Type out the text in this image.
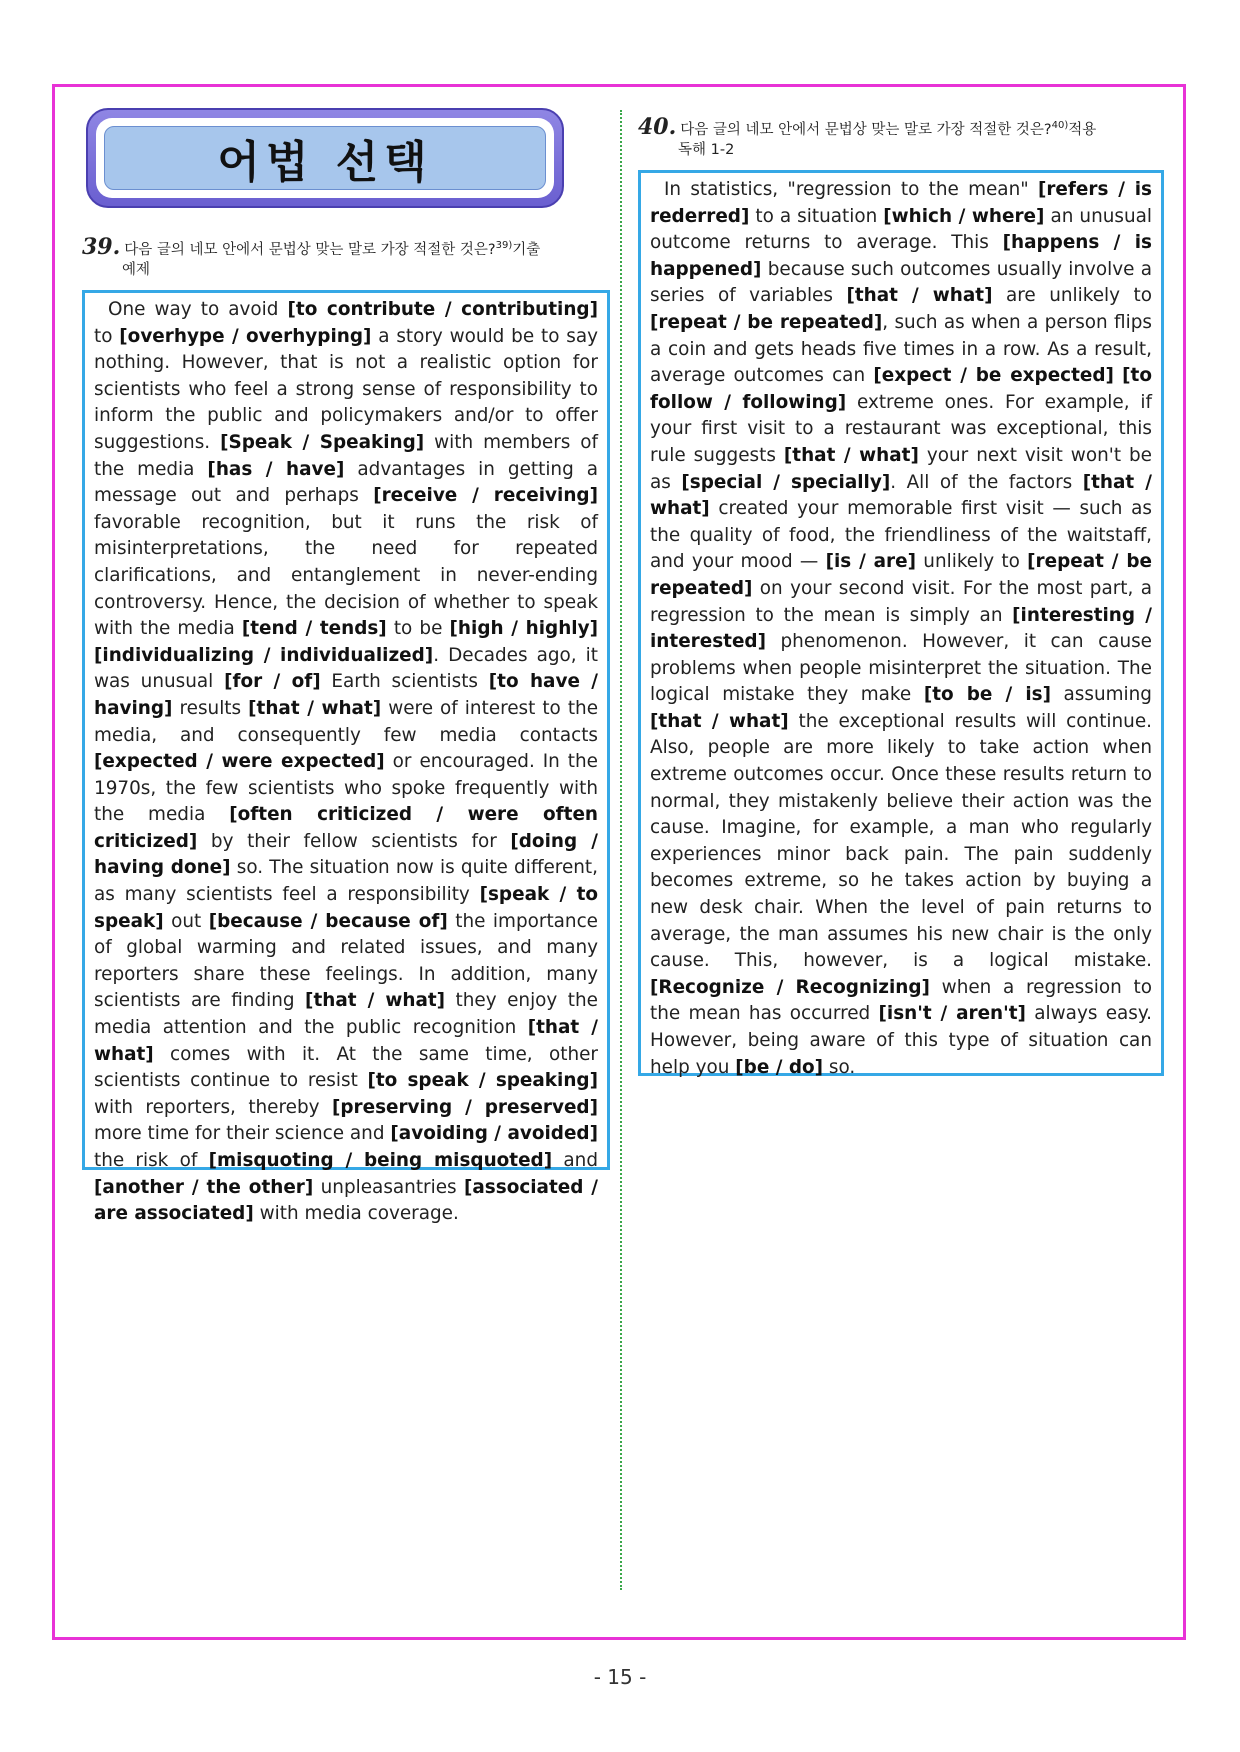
어법 선택
39. 다음 글의 네모 안에서 문법상 맞는 말로 가장 적절한 것은?$^{39)}$기출
예제
One way to avoid [to contribute / contributing] to [overhype / overhyping] a story would be to say nothing. However, that is not a realistic option for scientists who feel a strong sense of responsibility to inform the public and policymakers and/or to offer suggestions. [Speak / Speaking] with members of the media [has / have] advantages in getting a message out and perhaps [receive / receiving] favorable recognition, but it runs the risk of misinterpretations, the need for repeated clarifications, and entanglement in never-ending controversy. Hence, the decision of whether to speak with the media [tend / tends] to be [high / highly] [individualizing / individualized]. Decades ago, it was unusual [for / of] Earth scientists [to have / having] results [that / what] were of interest to the media, and consequently few media contacts [expected / were expected] or encouraged. In the 1970s, the few scientists who spoke frequently with the media [often criticized / were often criticized] by their fellow scientists for [doing / having done] so. The situation now is quite different, as many scientists feel a responsibility [speak / to speak] out [because / because of] the importance of global warming and related issues, and many reporters share these feelings. In addition, many scientists are finding [that / what] they enjoy the media attention and the public recognition [that / what] comes with it. At the same time, other scientists continue to resist [to speak / speaking] with reporters, thereby [preserving / preserved] more time for their science and [avoiding / avoided] the risk of [misquoting / being misquoted] and [another / the other] unpleasantries [associated / are associated] with media coverage.
40. 다음 글의 네모 안에서 문법상 맞는 말로 가장 적절한 것은?$^{40)}$적용
독해 1-2
In statistics, "regression to the mean" [refers / is rederred] to a situation [which / where] an unusual outcome returns to average. This [happens / is happened] because such outcomes usually involve a series of variables [that / what] are unlikely to [repeat / be repeated], such as when a person flips a coin and gets heads five times in a row. As a result, average outcomes can [expect / be expected] [to follow / following] extreme ones. For example, if your first visit to a restaurant was exceptional, this rule suggests [that / what] your next visit won't be as [special / specially]. All of the factors [that / what] created your memorable first visit — such as the quality of food, the friendliness of the waitstaff, and your mood — [is / are] unlikely to [repeat / be repeated] on your second visit. For the most part, a regression to the mean is simply an [interesting / interested] phenomenon. However, it can cause problems when people misinterpret the situation. The logical mistake they make [to be / is] assuming [that / what] the exceptional results will continue. Also, people are more likely to take action when extreme outcomes occur. Once these results return to normal, they mistakenly believe their action was the cause. Imagine, for example, a man who regularly experiences minor back pain. The pain suddenly becomes extreme, so he takes action by buying a new desk chair. When the level of pain returns to average, the man assumes his new chair is the only cause. This, however, is a logical mistake. [Recognize / Recognizing] when a regression to the mean has occurred [isn't / aren't] always easy. However, being aware of this type of situation can help you [be / do] so.
- 15 -
